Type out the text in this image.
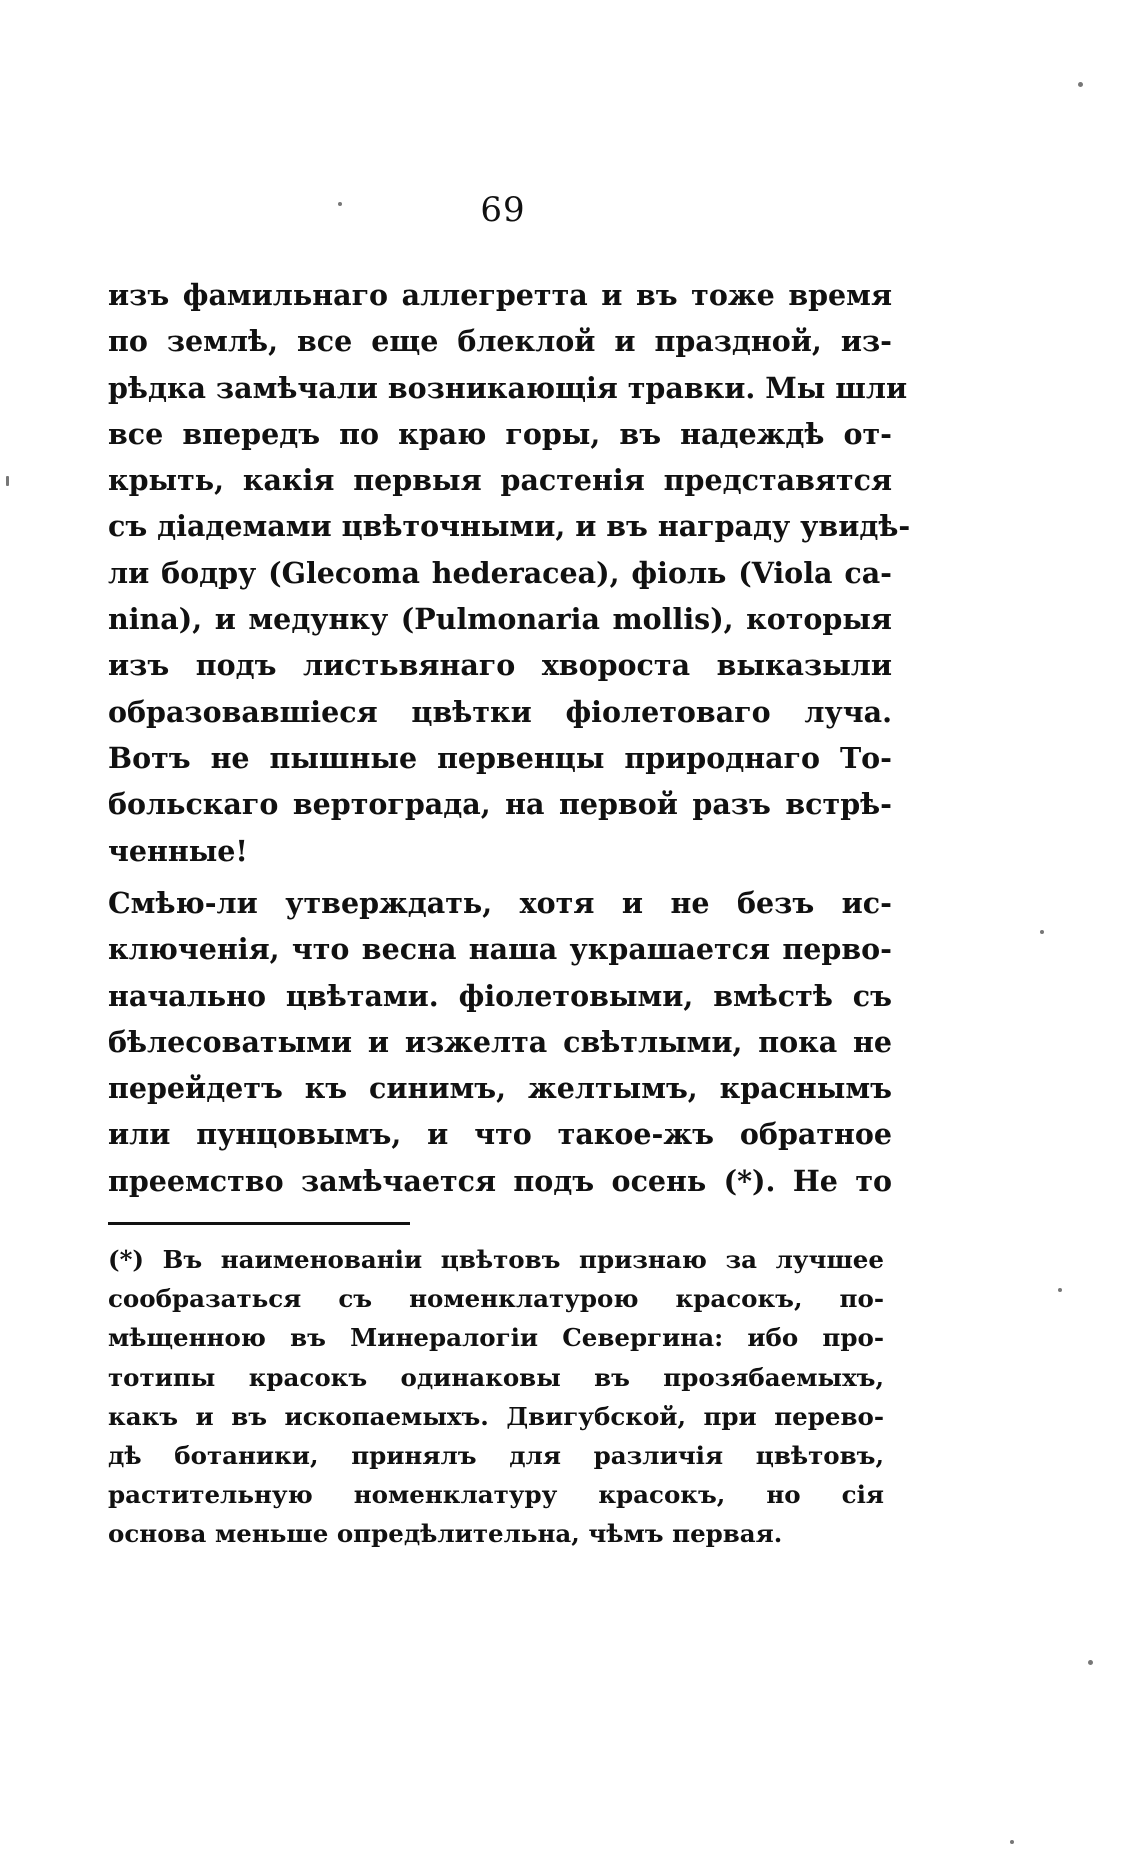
69
изъ фамильнаго аллегретта и въ тоже время
по землѣ, все еще блеклой и праздной, из-
рѣдка замѣчали возникающія травки. Мы шли
все впередъ по краю горы, въ надеждѣ от-
крыть, какія первыя растенія представятся
съ діадемами цвѣточными, и въ награду увидѣ-
ли бодру (Glecoma hederacea), фіоль (Viola ca-
nina), и медунку (Pulmonaria mollis), которыя
изъ подъ листьвянаго хвороста выказыли
образовавшіеся цвѣтки фіолетоваго луча.
Вотъ не пышные первенцы природнаго То-
больскаго вертограда, на первой разъ встрѣ-
ченные!
Смѣю-ли утверждать, хотя и не безъ ис-
ключенія, что весна наша украшается перво-
начально цвѣтами. фіолетовыми, вмѣстѣ съ
бѣлесоватыми и изжелта свѣтлыми, пока не
перейдетъ къ синимъ, желтымъ, краснымъ
или пунцовымъ, и что такое-жъ обратное
преемство замѣчается подъ осень (*). Не то
(*) Въ наименованіи цвѣтовъ признаю за лучшее
сообразаться съ номенклатурою красокъ, по-
мѣщенною въ Минералогіи Севергина: ибо про-
тотипы красокъ одинаковы въ прозябаемыхъ,
какъ и въ ископаемыхъ. Двигубской, при перево-
дѣ ботаники, принялъ для различія цвѣтовъ,
растительную номенклатуру красокъ, но сія
основа меньше опредѣлительна, чѣмъ первая.
